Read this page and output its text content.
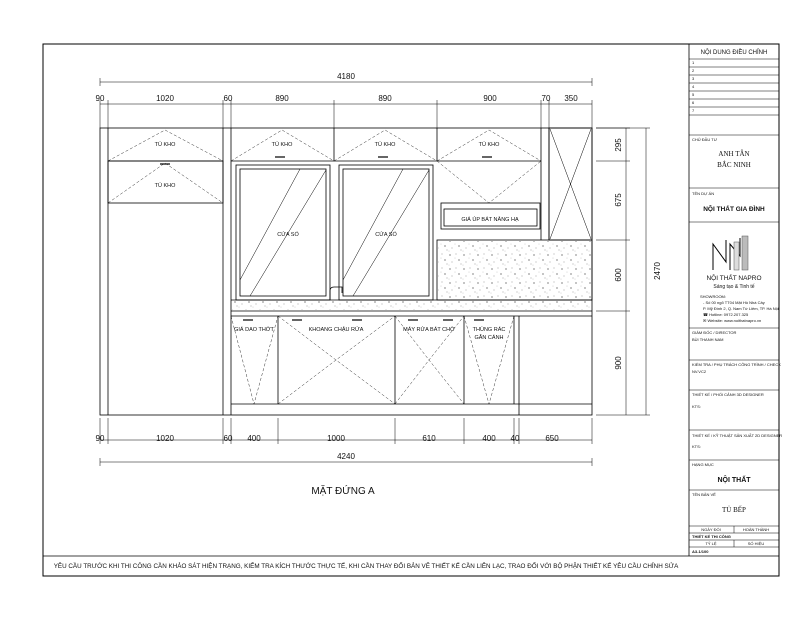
4180
90	1020	60	890	890	900	70 350
TỦ KHO
TỦ KHO
TỦ KHO	TỦ KHO	TỦ KHO
CỬA SỔ	CỬA SỔ
GIÁ ÚP BÁT NÂNG HẠ
GIÁ DAO THỚT	KHOANG CHẬU RỬA	MÁY RỬA BÁT CHỜ	THÙNG RÁC
GẮN CÁNH
295
675
600
900
2470
90	1020	60 400	1000	610	400 40	650
4240
MẶT ĐỨNG A
YÊU CẦU TRƯỚC KHI THI CÔNG CẦN KHẢO SÁT HIỆN TRẠNG, KIỂM TRA KÍCH THƯỚC THỰC TẾ, KHI CẦN THAY ĐỔI BẢN VẼ THIẾT KẾ CẦN LIÊN LẠC, TRAO ĐỔI VỚI BỘ PHẬN THIẾT KẾ YÊU CẦU CHỈNH SỬA
NỘI DUNG ĐIỀU CHỈNH
1
2
3
4
5
6
7
CHỦ ĐẦU TƯ
ANH TÂN
BẮC NINH
TÊN DỰ ÁN
NỘI THẤT GIA ĐÌNH
NỘI THẤT NAPRO
Sáng tạo & Tinh tế
SHOWROOM:
- Số 00 ngõ TT04 Mặt Hồ Nhà Cây
P. Mỹ Đình 2, Q. Nam Từ Liêm, TP. Hà Nội
☎ Hotline: 0972.207.325
✉ Website: www.noithatnapro.vn
GIÁM ĐỐC / DIRECTOR
BÙI THANH NAM
KIỂM TRA / PHỤ TRÁCH CÔNG TRÌNH / CHECK
NV.VC2
THIẾT KẾ / PHỐI CẢNH 3D DESIGNER
KTS:
THIẾT KẾ / KỸ THUẬT SẢN XUẤT 2D DESIGNER
KTS:
HẠNG MỤC
NỘI THẤT
TÊN BẢN VẼ
TỦ BẾP
NGÀY ĐỔI	HOÀN THÀNH
THIẾT KẾ THI CÔNG
TỶ LỆ	SỐ HIỆU
A3-1/100
